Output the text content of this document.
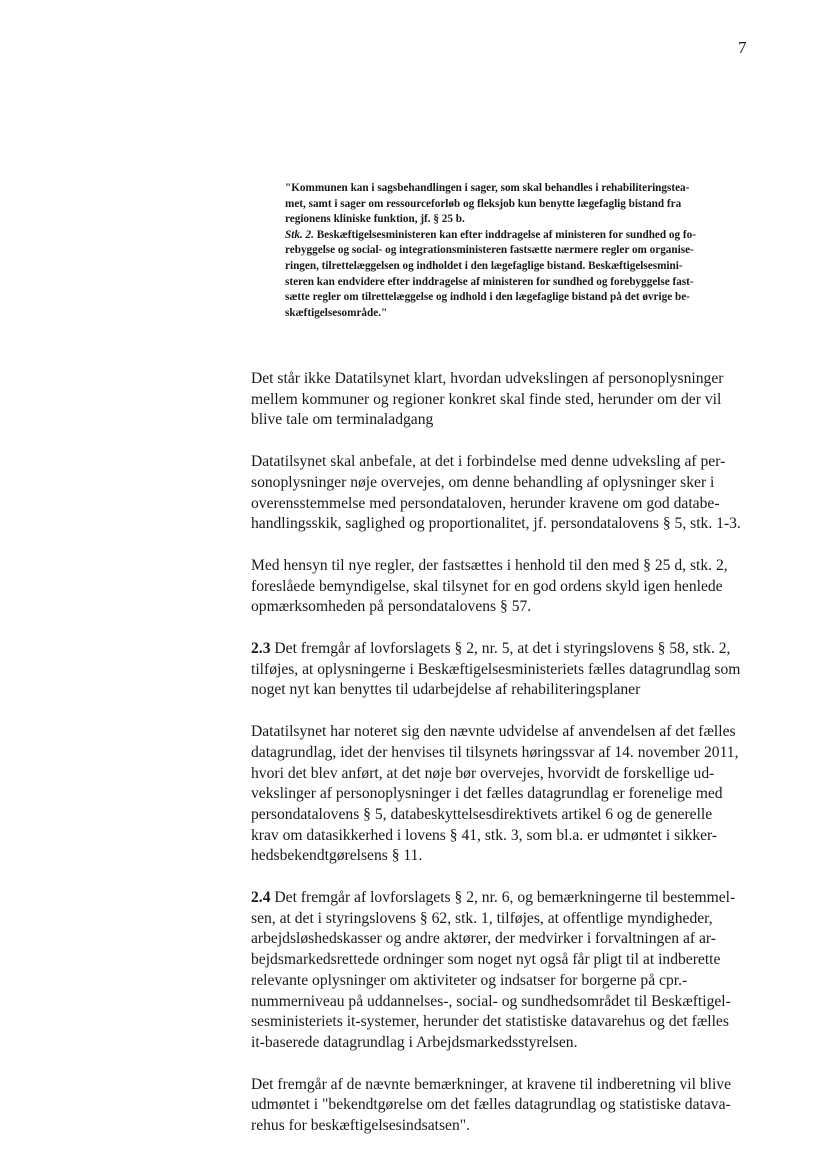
7
"Kommunen kan i sagsbehandlingen i sager, som skal behandles i rehabiliteringstea-
met, samt i sager om ressourceforløb og fleksjob kun benytte lægefaglig bistand fra
regionens kliniske funktion, jf. § 25 b.
Stk. 2. Beskæftigelsesministeren kan efter inddragelse af ministeren for sundhed og fo-
rebyggelse og social- og integrationsministeren fastsætte nærmere regler om organise-
ringen, tilrettelæggelsen og indholdet i den lægefaglige bistand. Beskæftigelsesmini-
steren kan endvidere efter inddragelse af ministeren for sundhed og forebyggelse fast-
sætte regler om tilrettelæggelse og indhold i den lægefaglige bistand på det øvrige be-
skæftigelsesområde."

Det står ikke Datatilsynet klart, hvordan udvekslingen af personoplysninger
mellem kommuner og regioner konkret skal finde sted, herunder om der vil
blive tale om terminaladgang

Datatilsynet skal anbefale, at det i forbindelse med denne udveksling af per-
sonoplysninger nøje overvejes, om denne behandling af oplysninger sker i
overensstemmelse med persondataloven, herunder kravene om god databe-
handlingsskik, saglighed og proportionalitet, jf. persondatalovens § 5, stk. 1-3.

Med hensyn til nye regler, der fastsættes i henhold til den med § 25 d, stk. 2,
foreslåede bemyndigelse, skal tilsynet for en god ordens skyld igen henlede
opmærksomheden på persondatalovens § 57.

2.3 Det fremgår af lovforslagets § 2, nr. 5, at det i styringslovens § 58, stk. 2,
tilføjes, at oplysningerne i Beskæftigelsesministeriets fælles datagrundlag som
noget nyt kan benyttes til udarbejdelse af rehabiliteringsplaner

Datatilsynet har noteret sig den nævnte udvidelse af anvendelsen af det fælles
datagrundlag, idet der henvises til tilsynets høringssvar af 14. november 2011,
hvori det blev anført, at det nøje bør overvejes, hvorvidt de forskellige ud-
vekslinger af personoplysninger i det fælles datagrundlag er forenelige med
persondatalovens § 5, databeskyttelsesdirektivets artikel 6 og de generelle
krav om datasikkerhed i lovens § 41, stk. 3, som bl.a. er udmøntet i sikker-
hedsbekendtgørelsens § 11.

2.4 Det fremgår af lovforslagets § 2, nr. 6, og bemærkningerne til bestemmel-
sen, at det i styringslovens § 62, stk. 1, tilføjes, at offentlige myndigheder,
arbejdsløshedskasser og andre aktører, der medvirker i forvaltningen af ar-
bejdsmarkedsrettede ordninger som noget nyt også får pligt til at indberette
relevante oplysninger om aktiviteter og indsatser for borgerne på cpr.-
nummerniveau på uddannelses-, social- og sundhedsområdet til Beskæftigel-
sesministeriets it-systemer, herunder det statistiske datavarehus og det fælles
it-baserede datagrundlag i Arbejdsmarkedsstyrelsen.

Det fremgår af de nævnte bemærkninger, at kravene til indberetning vil blive
udmøntet i "bekendtgørelse om det fælles datagrundlag og statistiske datava-
rehus for beskæftigelsesindsatsen".
